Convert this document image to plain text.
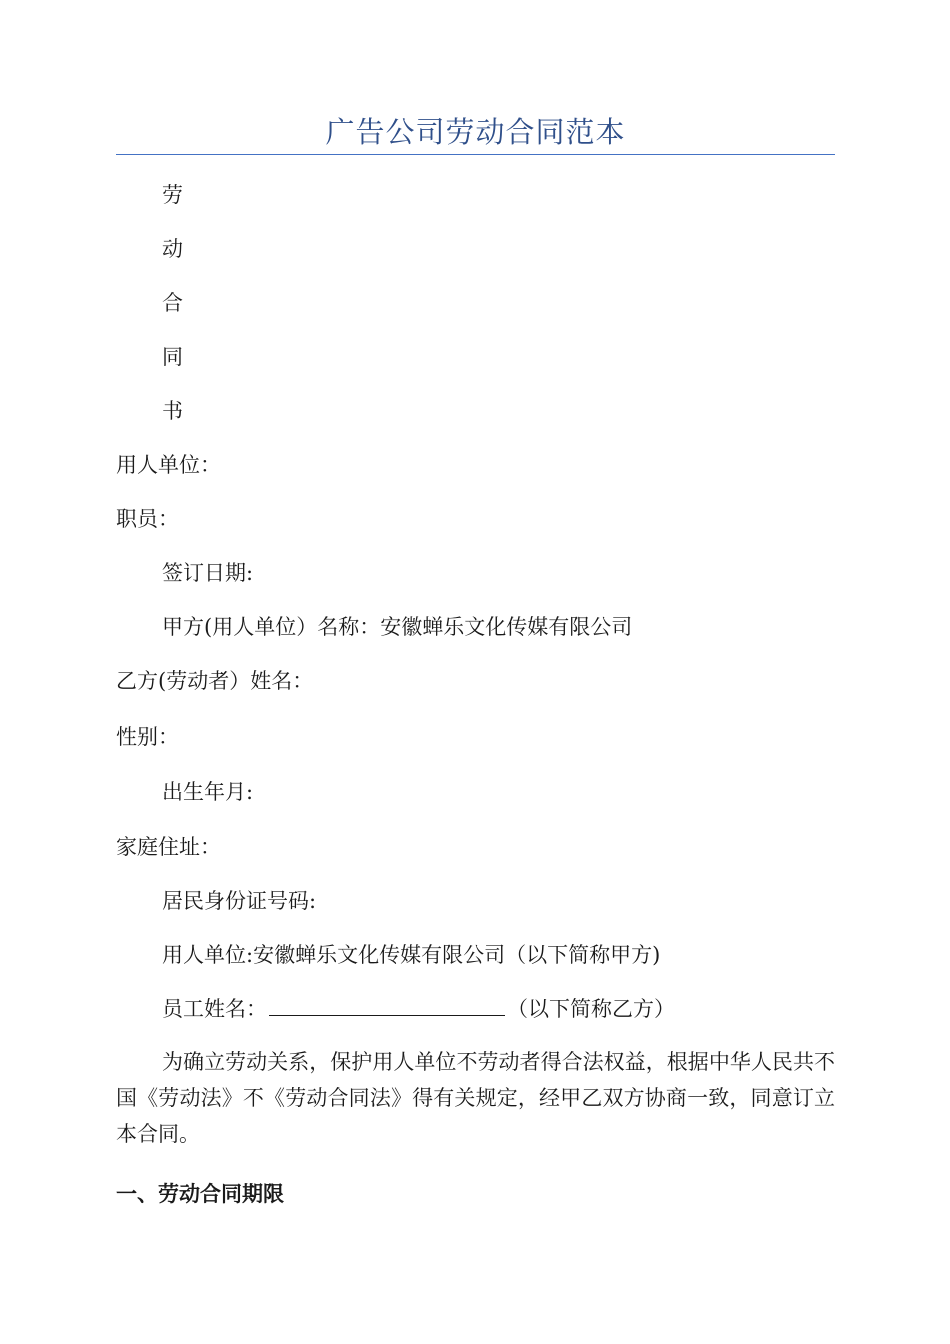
广告公司劳动合同范本
劳
动
合
同
书
用人单位：
职员：
签订日期:
甲方(用人单位）名称：安徽蝉乐文化传媒有限公司
乙方(劳动者）姓名：
性别：
出生年月:
家庭住址：
居民身份证号码:
用人单位:安徽蝉乐文化传媒有限公司（以下简称甲方)
员工姓名：	（以下简称乙方）
为确立劳动关系，保护用人单位不劳动者得合法权益，根据中华人民共不国《劳动法》不《劳动合同法》得有关规定，经甲乙双方协商一致，同意订立本合同。
一、劳动合同期限
